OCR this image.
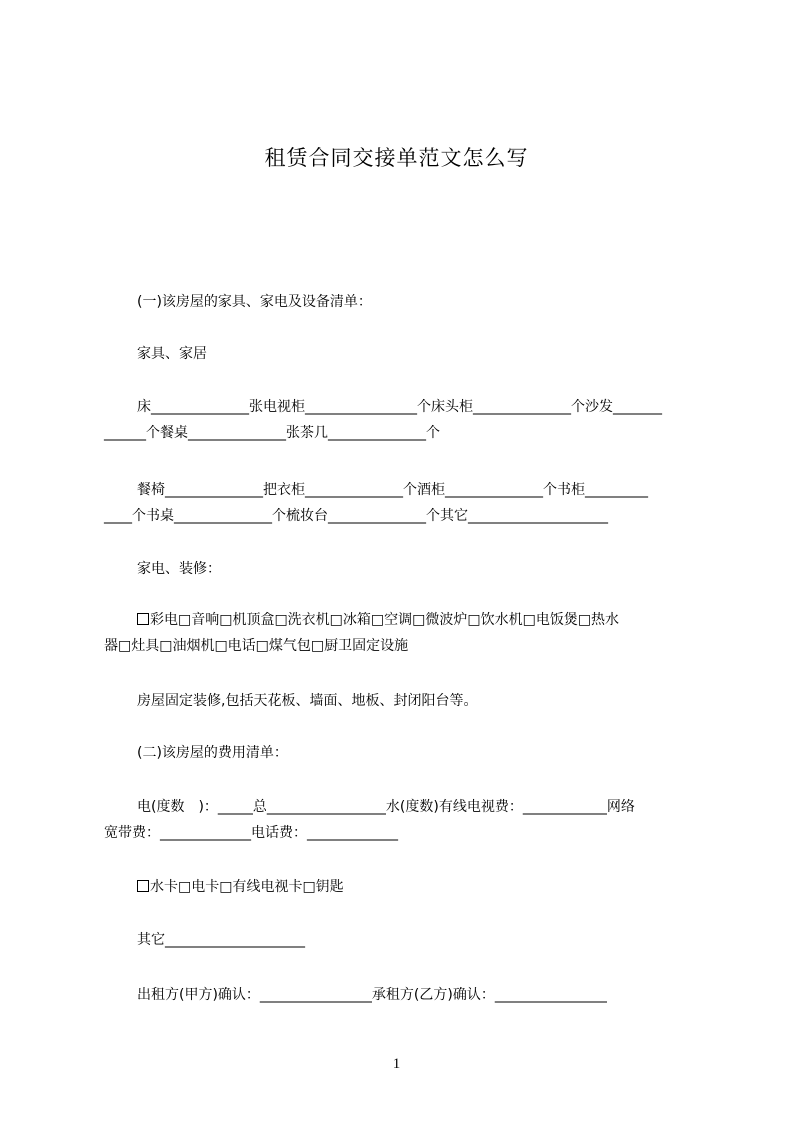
租赁合同交接单范文怎么写
(一)该房屋的家具、家电及设备清单：
家具、家居
床______________张电视柜________________个床头柜______________个沙发_______
______个餐桌______________张茶几______________个
餐椅______________把衣柜______________个酒柜______________个书柜_________
____个书桌______________个梳妆台______________个其它____________________
家电、装修：
彩电□音响□机顶盒□洗衣机□冰箱□空调□微波炉□饮水机□电饭煲□热水
器□灶具□油烟机□电话□煤气包□厨卫固定设施
房屋固定装修,包括天花板、墙面、地板、封闭阳台等。
(二)该房屋的费用清单：
电(度数　)：_____总_________________水(度数)有线电视费：____________网络
宽带费：_____________电话费：_____________
水卡□电卡□有线电视卡□钥匙
其它____________________
出租方(甲方)确认：________________承租方(乙方)确认：________________
1
